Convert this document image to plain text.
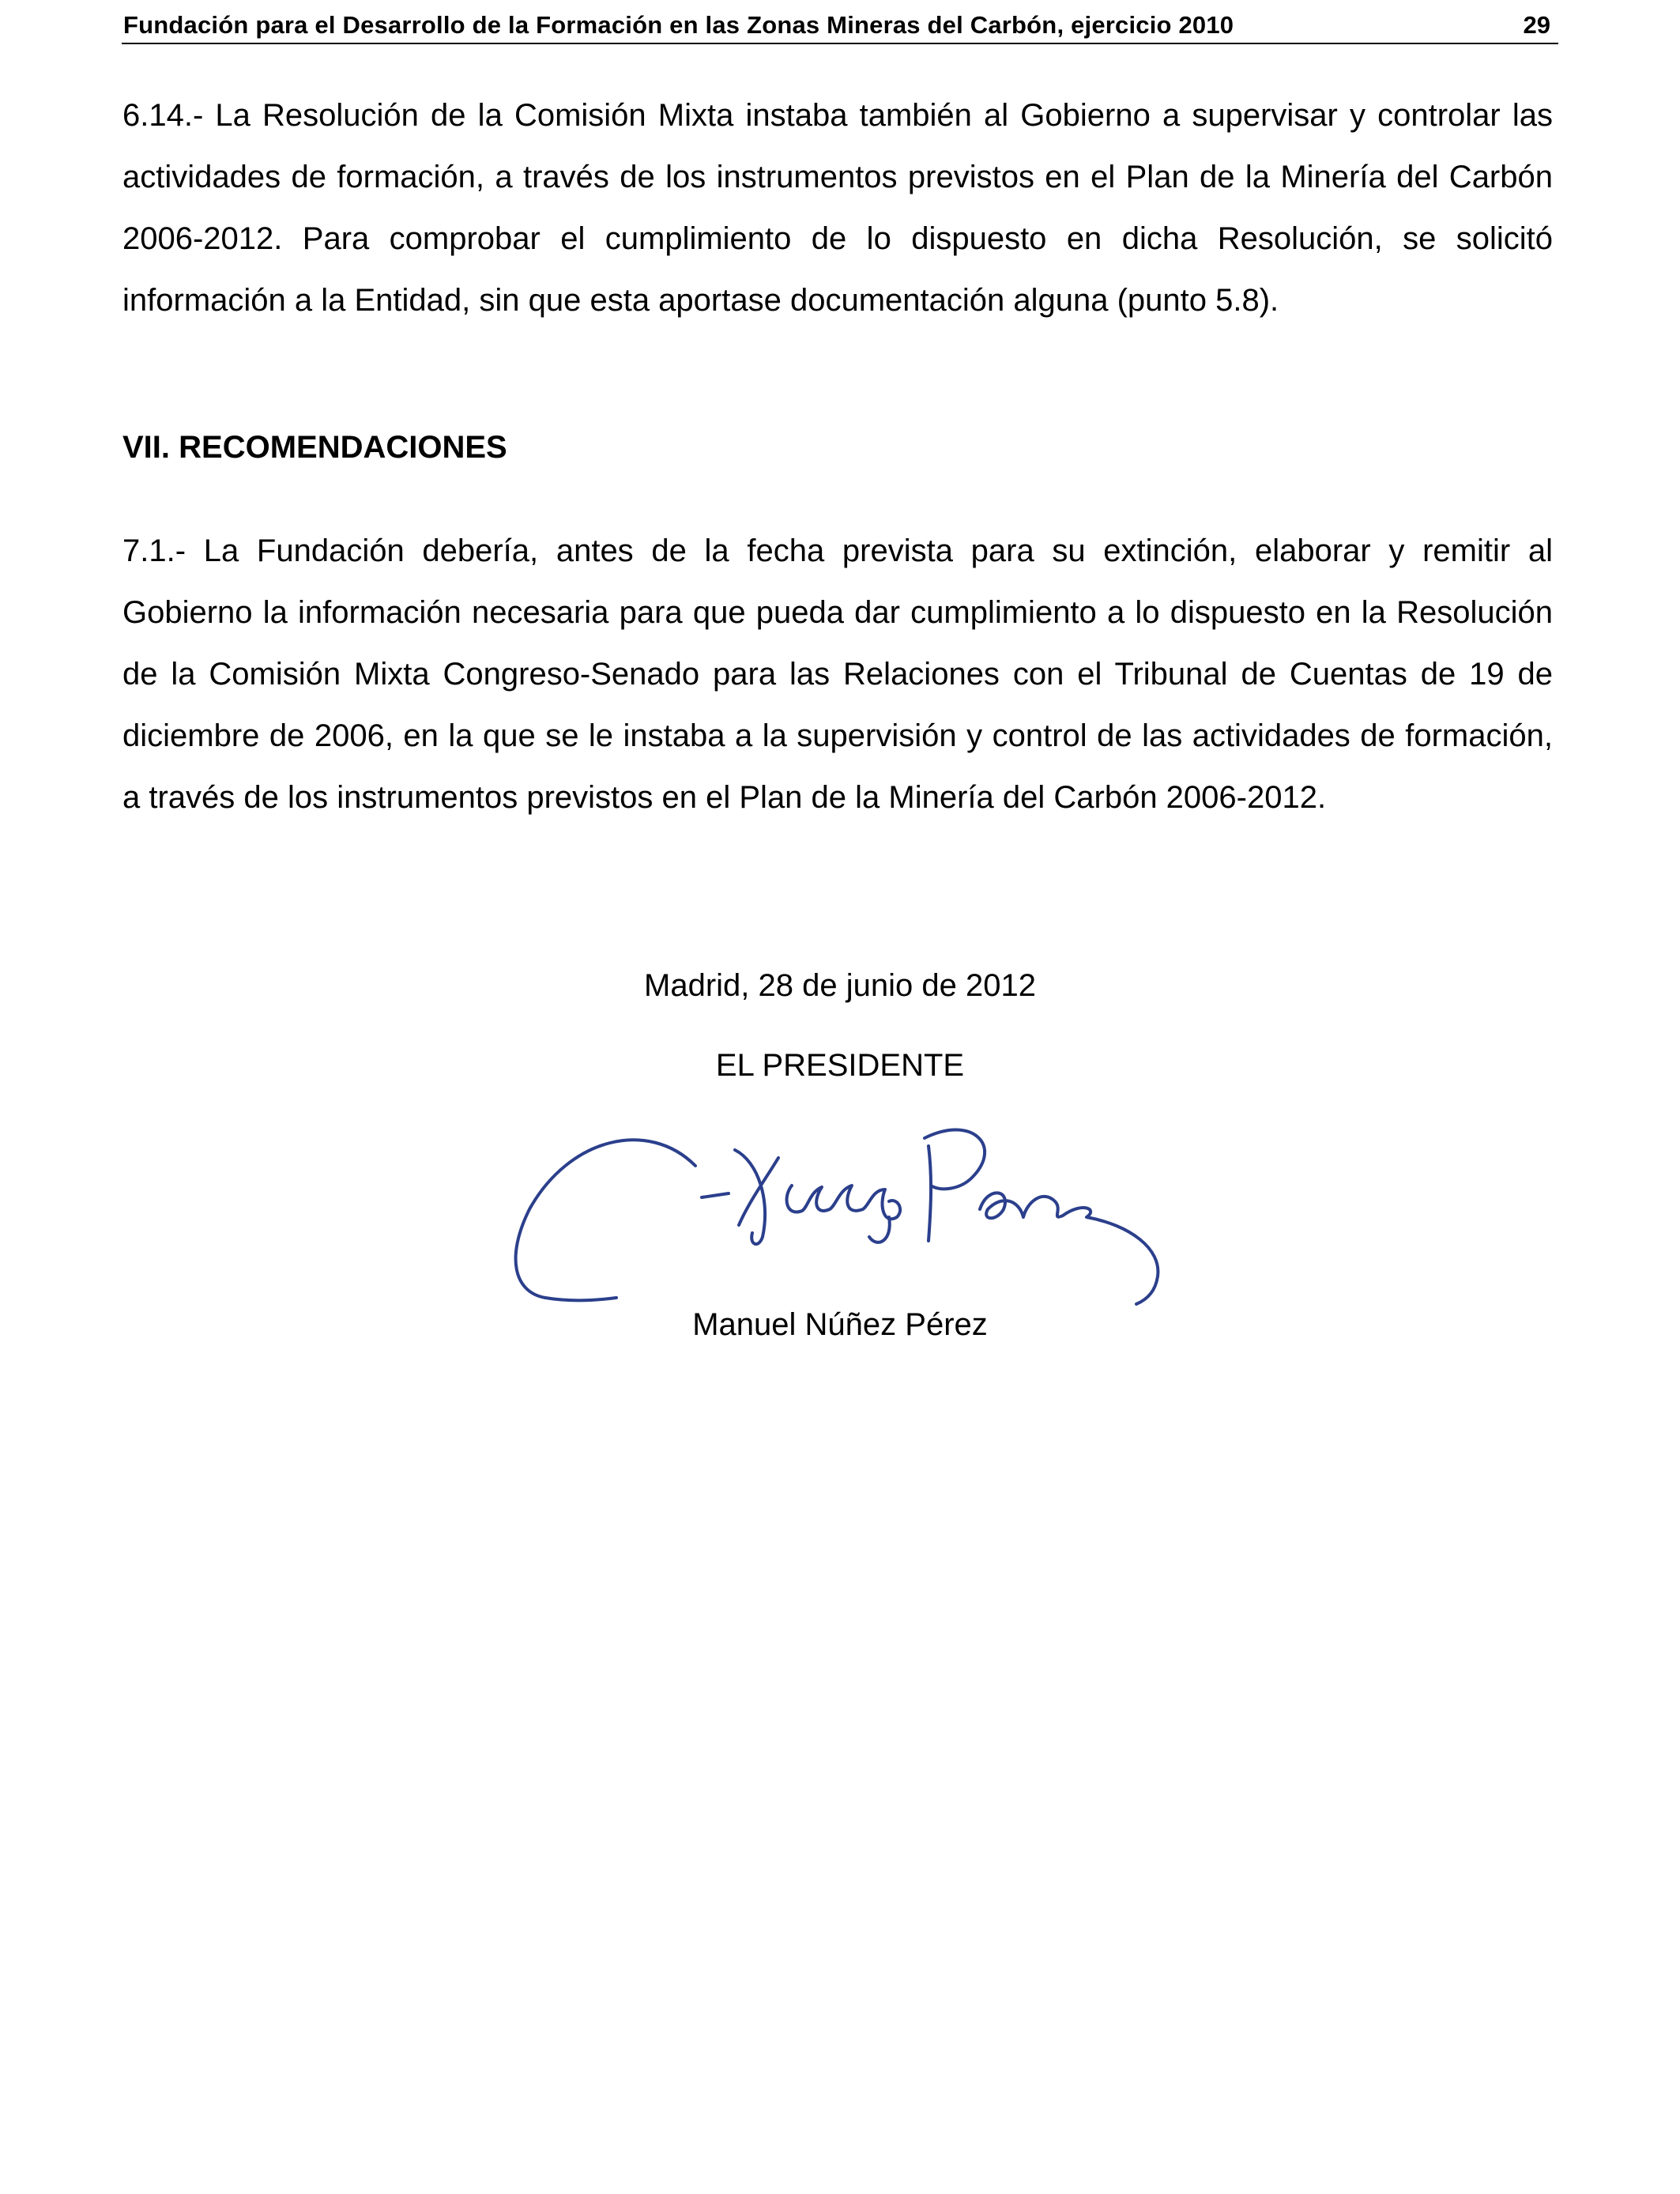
Fundación para el Desarrollo de la Formación en las Zonas Mineras del Carbón, ejercicio 2010	29

6.14.- La Resolución de la Comisión Mixta instaba también al Gobierno a supervisar y controlar las actividades de formación, a través de los instrumentos previstos en el Plan de la Minería del Carbón 2006-2012. Para comprobar el cumplimiento de lo dispuesto en dicha Resolución, se solicitó información a la Entidad, sin que esta aportase documentación alguna (punto 5.8).

VII. RECOMENDACIONES

7.1.- La Fundación debería, antes de la fecha prevista para su extinción, elaborar y remitir al Gobierno la información necesaria para que pueda dar cumplimiento a lo dispuesto en la Resolución de la Comisión Mixta Congreso-Senado para las Relaciones con el Tribunal de Cuentas de 19 de diciembre de 2006, en la que se le instaba a la supervisión y control de las actividades de formación, a través de los instrumentos previstos en el Plan de la Minería del Carbón 2006-2012.

Madrid, 28 de junio de 2012

EL PRESIDENTE

Manuel Núñez Pérez
